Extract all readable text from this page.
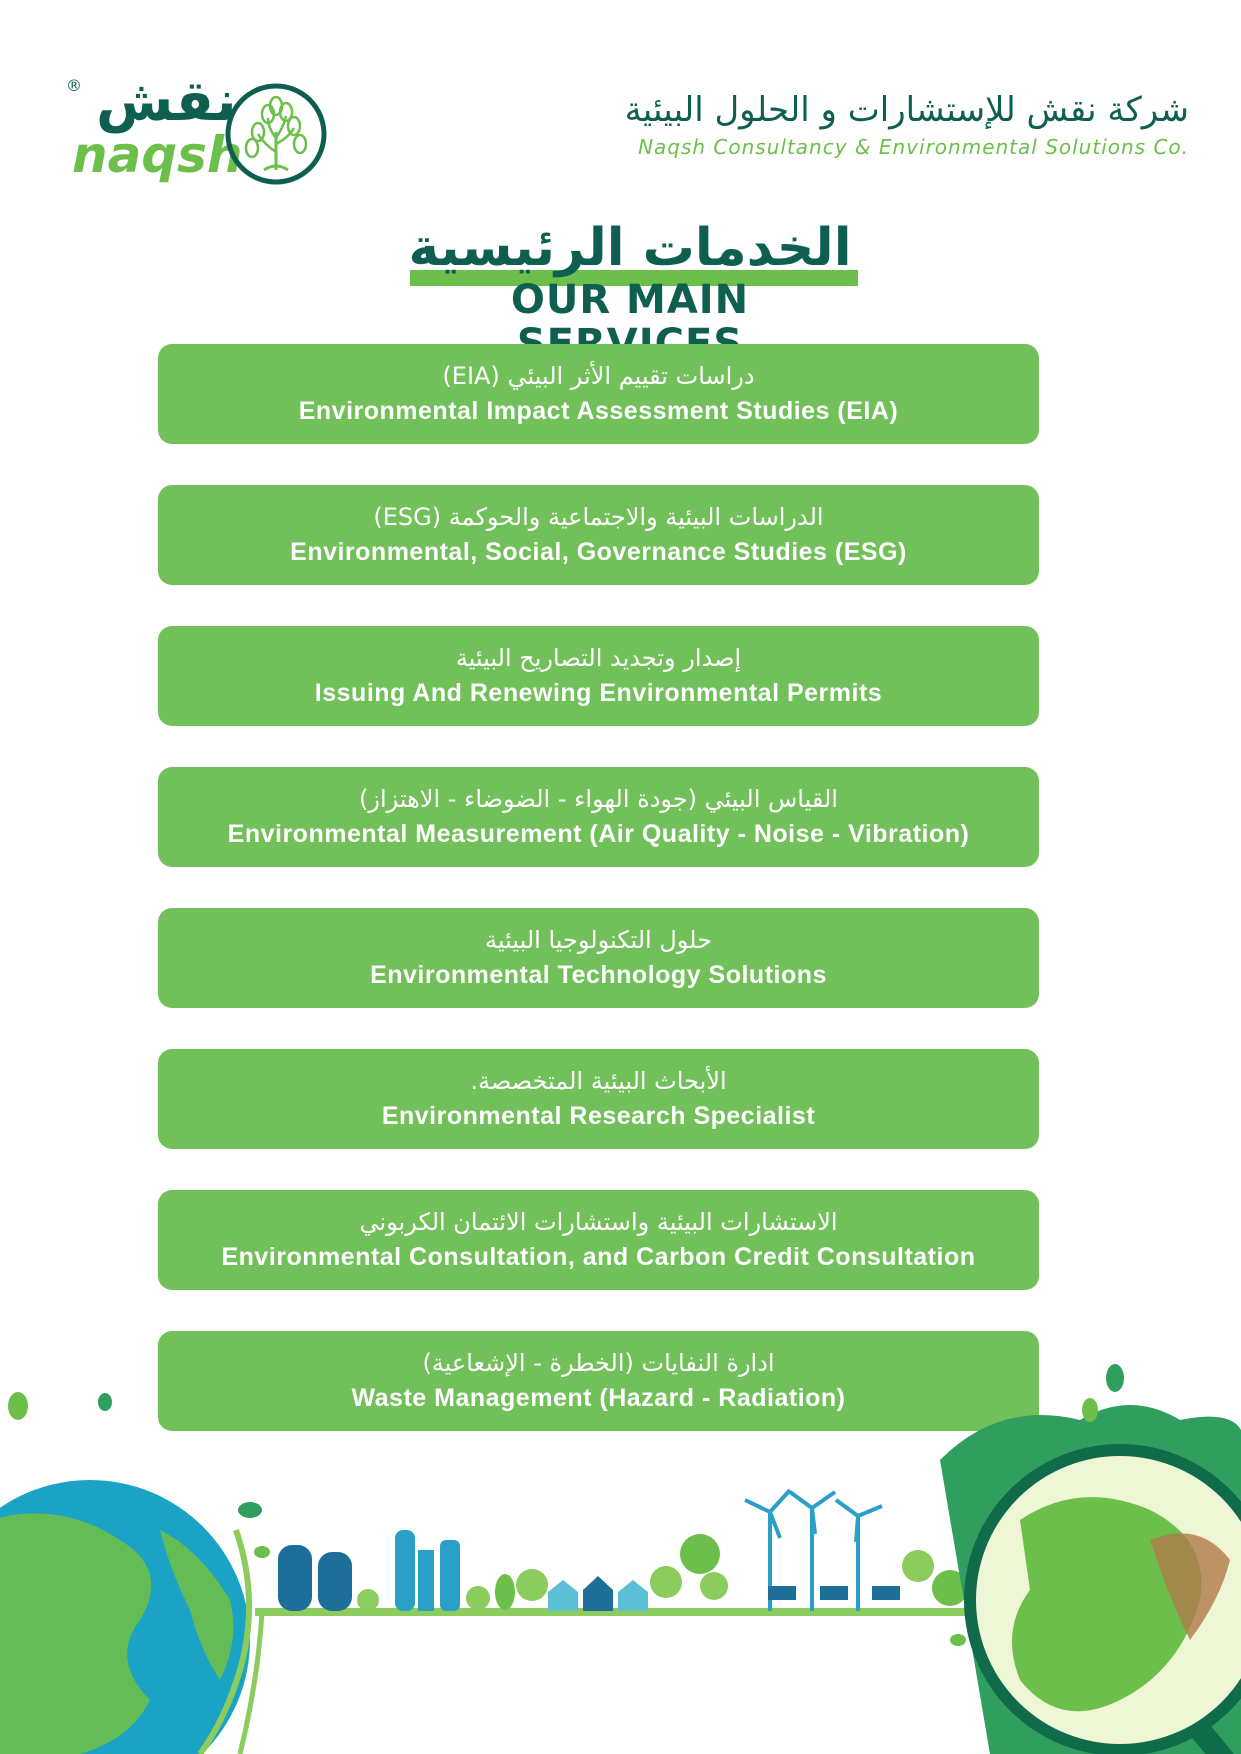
® نقش
naqsh
شركة نقش للإستشارات و الحلول البيئية
Naqsh Consultancy & Environmental Solutions Co.
الخدمات الرئيسية
OUR MAIN
دراسات تقييم الأثر البيئي (EIA)
Environmental Impact Assessment Studies (EIA)
الدراسات البيئية والاجتماعية والحوكمة (ESG)
Environmental, Social, Governance Studies (ESG)
إصدار وتجديد التصاريح البيئية
Issuing And Renewing Environmental Permits
القياس البيئي (جودة الهواء - الضوضاء - الاهتزاز)
Environmental Measurement (Air Quality - Noise - Vibration)
حلول التكنولوجيا البيئية
Environmental Technology Solutions
الأبحاث البيئية المتخصصة.
Environmental Research Specialist
الاستشارات البيئية واستشارات الائتمان الكربوني
Environmental Consultation, and Carbon Credit Consultation
ادارة النفايات (الخطرة - الإشعاعية)
Waste Management (Hazard - Radiation)
